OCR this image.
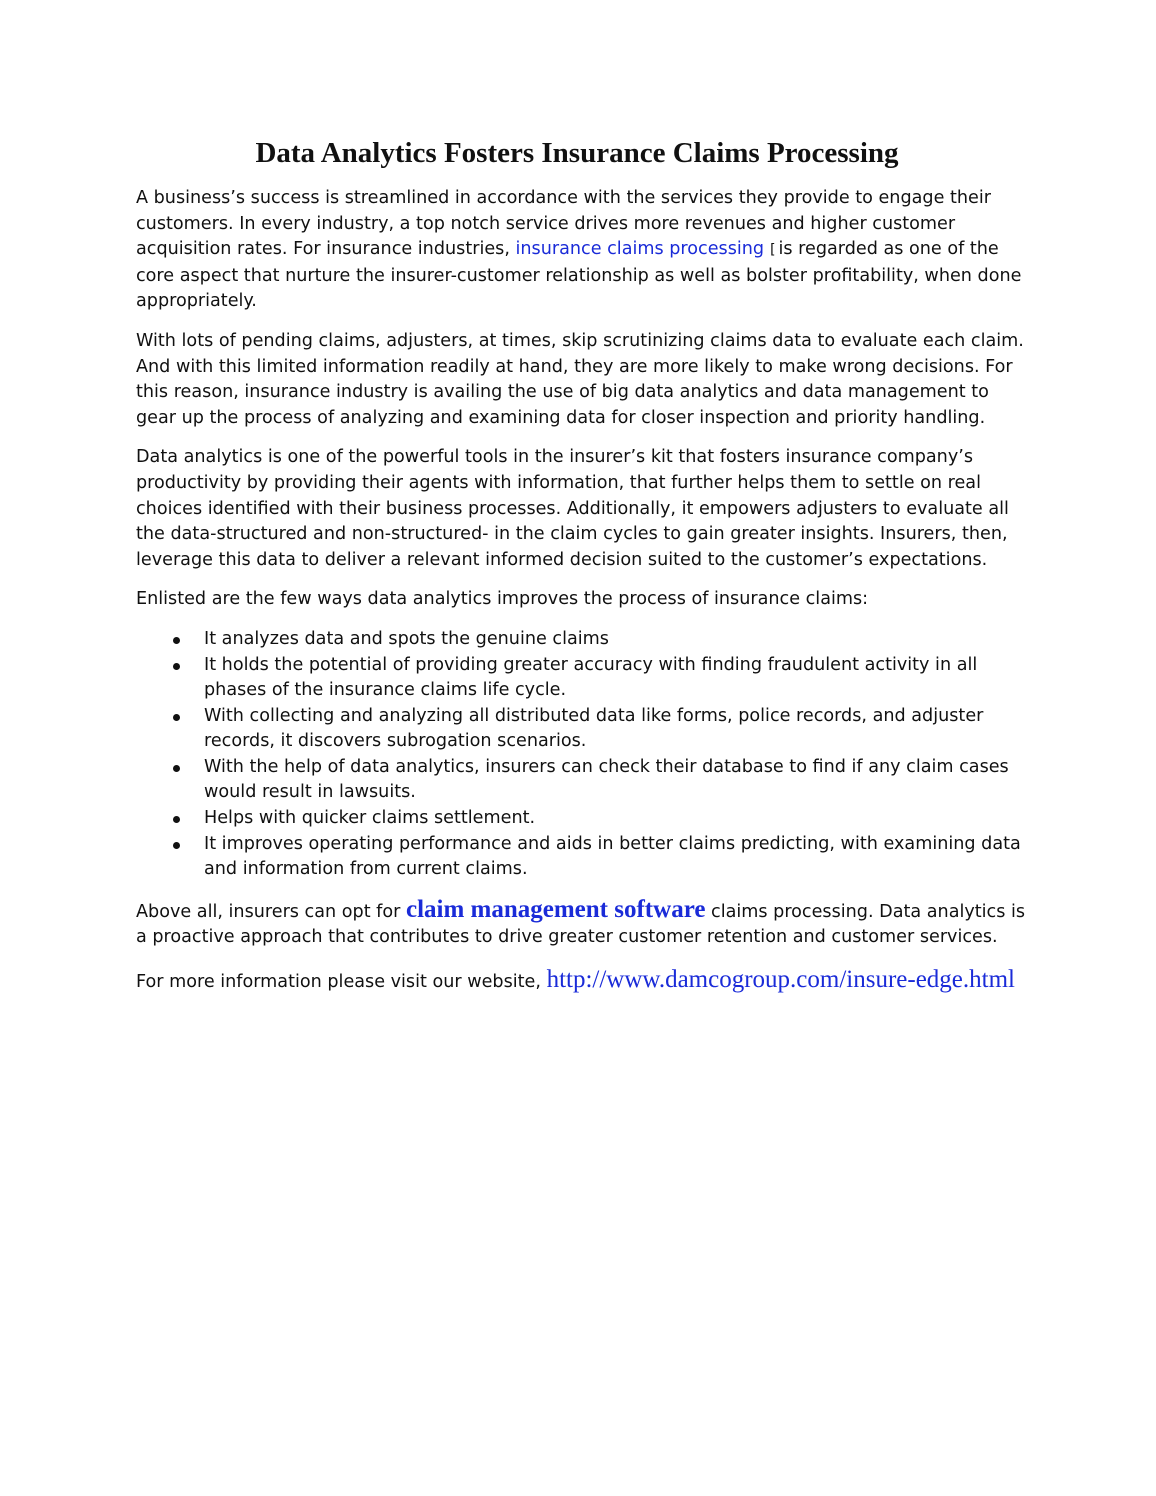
Data Analytics Fosters Insurance Claims Processing

A business’s success is streamlined in accordance with the services they provide to engage their customers. In every industry, a top notch service drives more revenues and higher customer acquisition rates. For insurance industries, insurance claims processing [ is regarded as one of the core aspect that nurture the insurer-customer relationship as well as bolster profitability, when done appropriately.

With lots of pending claims, adjusters, at times, skip scrutinizing claims data to evaluate each claim. And with this limited information readily at hand, they are more likely to make wrong decisions. For this reason, insurance industry is availing the use of big data analytics and data management to gear up the process of analyzing and examining data for closer inspection and priority handling.

Data analytics is one of the powerful tools in the insurer’s kit that fosters insurance company’s productivity by providing their agents with information, that further helps them to settle on real choices identified with their business processes. Additionally, it empowers adjusters to evaluate all the data-structured and non-structured- in the claim cycles to gain greater insights. Insurers, then, leverage this data to deliver a relevant informed decision suited to the customer’s expectations.

Enlisted are the few ways data analytics improves the process of insurance claims:

It analyzes data and spots the genuine claims
It holds the potential of providing greater accuracy with finding fraudulent activity in all phases of the insurance claims life cycle.
With collecting and analyzing all distributed data like forms, police records, and adjuster records, it discovers subrogation scenarios.
With the help of data analytics, insurers can check their database to find if any claim cases would result in lawsuits.
Helps with quicker claims settlement.
It improves operating performance and aids in better claims predicting, with examining data and information from current claims.

Above all, insurers can opt for claim management software claims processing. Data analytics is a proactive approach that contributes to drive greater customer retention and customer services.

For more information please visit our website, http://www.damcogroup.com/insure-edge.html
